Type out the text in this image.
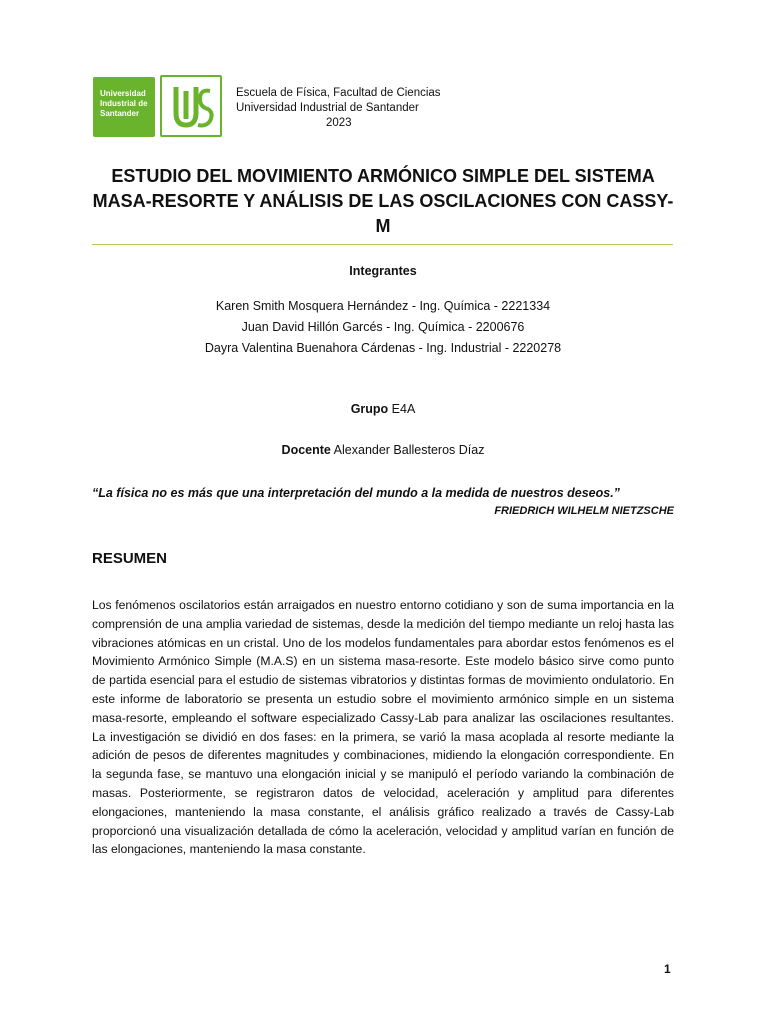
Universidad Industrial de Santander
Escuela de Física, Facultad de Ciencias
Universidad Industrial de Santander
2023
ESTUDIO DEL MOVIMIENTO ARMÓNICO SIMPLE DEL SISTEMA MASA-RESORTE Y ANÁLISIS DE LAS OSCILACIONES CON CASSY-M
Integrantes
Karen Smith Mosquera Hernández - Ing. Química - 2221334
Juan David Hillón Garcés - Ing. Química - 2200676
Dayra Valentina Buenahora Cárdenas - Ing. Industrial - 2220278
Grupo E4A
Docente Alexander Ballesteros Díaz
“La física no es más que una interpretación del mundo a la medida de nuestros deseos.”
FRIEDRICH WILHELM NIETZSCHE
RESUMEN
Los fenómenos oscilatorios están arraigados en nuestro entorno cotidiano y son de suma importancia en la comprensión de una amplia variedad de sistemas, desde la medición del tiempo mediante un reloj hasta las vibraciones atómicas en un cristal. Uno de los modelos fundamentales para abordar estos fenómenos es el Movimiento Armónico Simple (M.A.S) en un sistema masa-resorte. Este modelo básico sirve como punto de partida esencial para el estudio de sistemas vibratorios y distintas formas de movimiento ondulatorio. En este informe de laboratorio se presenta un estudio sobre el movimiento armónico simple en un sistema masa-resorte, empleando el software especializado Cassy-Lab para analizar las oscilaciones resultantes. La investigación se dividió en dos fases: en la primera, se varió la masa acoplada al resorte mediante la adición de pesos de diferentes magnitudes y combinaciones, midiendo la elongación correspondiente. En la segunda fase, se mantuvo una elongación inicial y se manipuló el período variando la combinación de masas. Posteriormente, se registraron datos de velocidad, aceleración y amplitud para diferentes elongaciones, manteniendo la masa constante, el análisis gráfico realizado a través de Cassy-Lab proporcionó una visualización detallada de cómo la aceleración, velocidad y amplitud varían en función de las elongaciones, manteniendo la masa constante.
1
